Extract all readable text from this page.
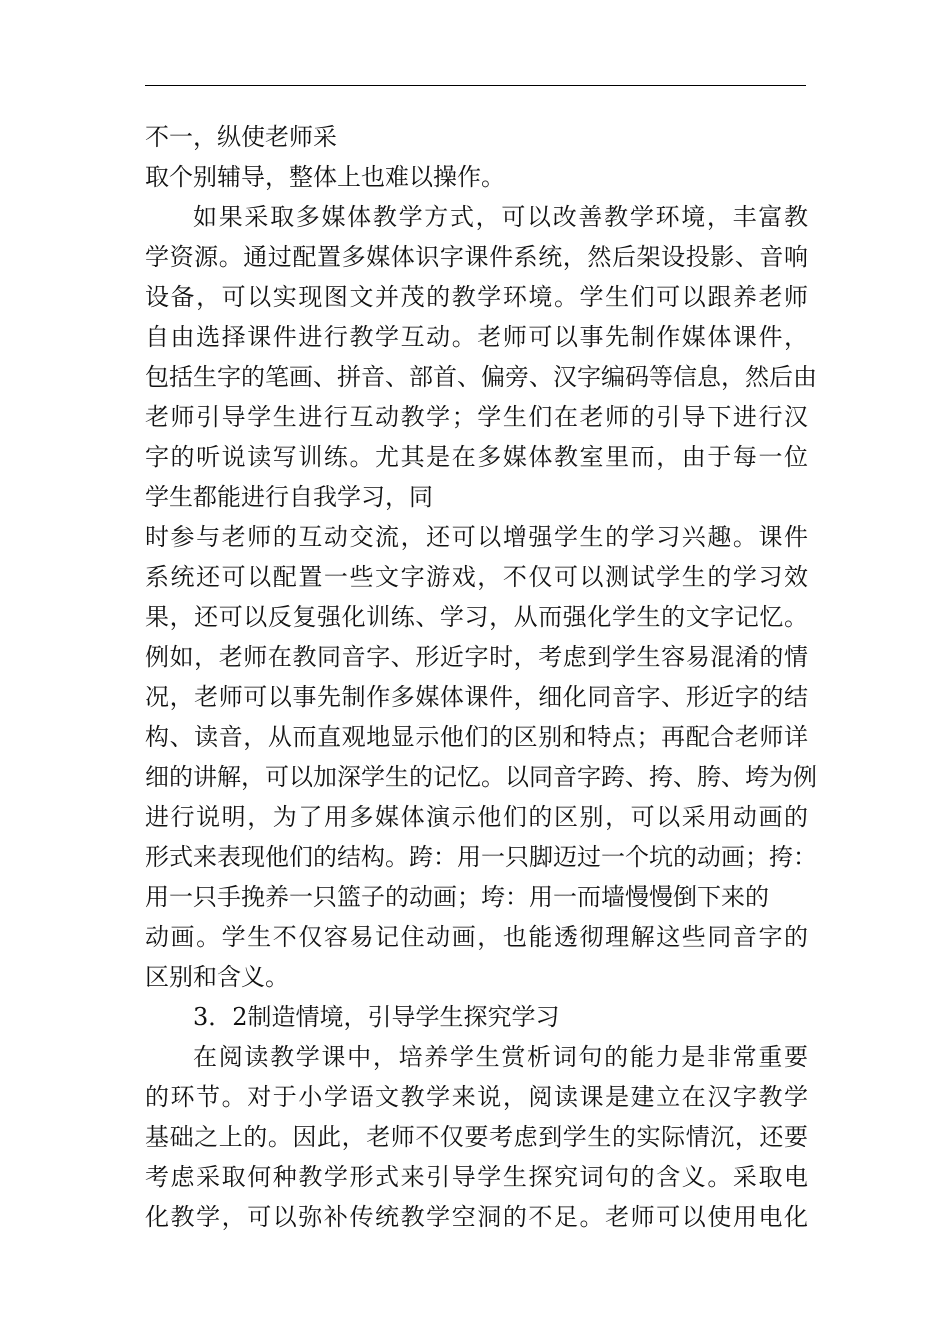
不一，纵使老师采
取个别辅导，整体上也难以操作。
如果采取多媒体教学方式，可以改善教学环境，丰富教
学资源。通过配置多媒体识字课件系统，然后架设投影、音响
设备，可以实现图文并茂的教学环境。学生们可以跟养老师
自由选择课件进行教学互动。老师可以事先制作媒体课件，
包括生字的笔画、拼音、部首、偏旁、汉字编码等信息，然后由
老师引导学生进行互动教学；学生们在老师的引导下进行汉
字的听说读写训练。尤其是在多媒体教室里而，由于每一位
学生都能进行自我学习，同
时参与老师的互动交流，还可以增强学生的学习兴趣。课件
系统还可以配置一些文字游戏，不仅可以测试学生的学习效
果，还可以反复强化训练、学习，从而强化学生的文字记忆。
例如，老师在教同音字、形近字时，考虑到学生容易混淆的情
况，老师可以事先制作多媒体课件，细化同音字、形近字的结
构、读音，从而直观地显示他们的区别和特点；再配合老师详
细的讲解，可以加深学生的记忆。以同音字跨、挎、胯、垮为例
进行说明，为了用多媒体演示他们的区别，可以采用动画的
形式来表现他们的结构。跨：用一只脚迈过一个坑的动画；挎：
用一只手挽养一只篮子的动画；垮：用一而墙慢慢倒下来的
动画。学生不仅容易记住动画，也能透彻理解这些同音字的
区别和含义。
3．2制造情境，引导学生探究学习
在阅读教学课中，培养学生赏析词句的能力是非常重要
的环节。对于小学语文教学来说，阅读课是建立在汉字教学
基础之上的。因此，老师不仅要考虑到学生的实际情沉，还要
考虑采取何种教学形式来引导学生探究词句的含义。采取电
化教学，可以弥补传统教学空洞的不足。老师可以使用电化
